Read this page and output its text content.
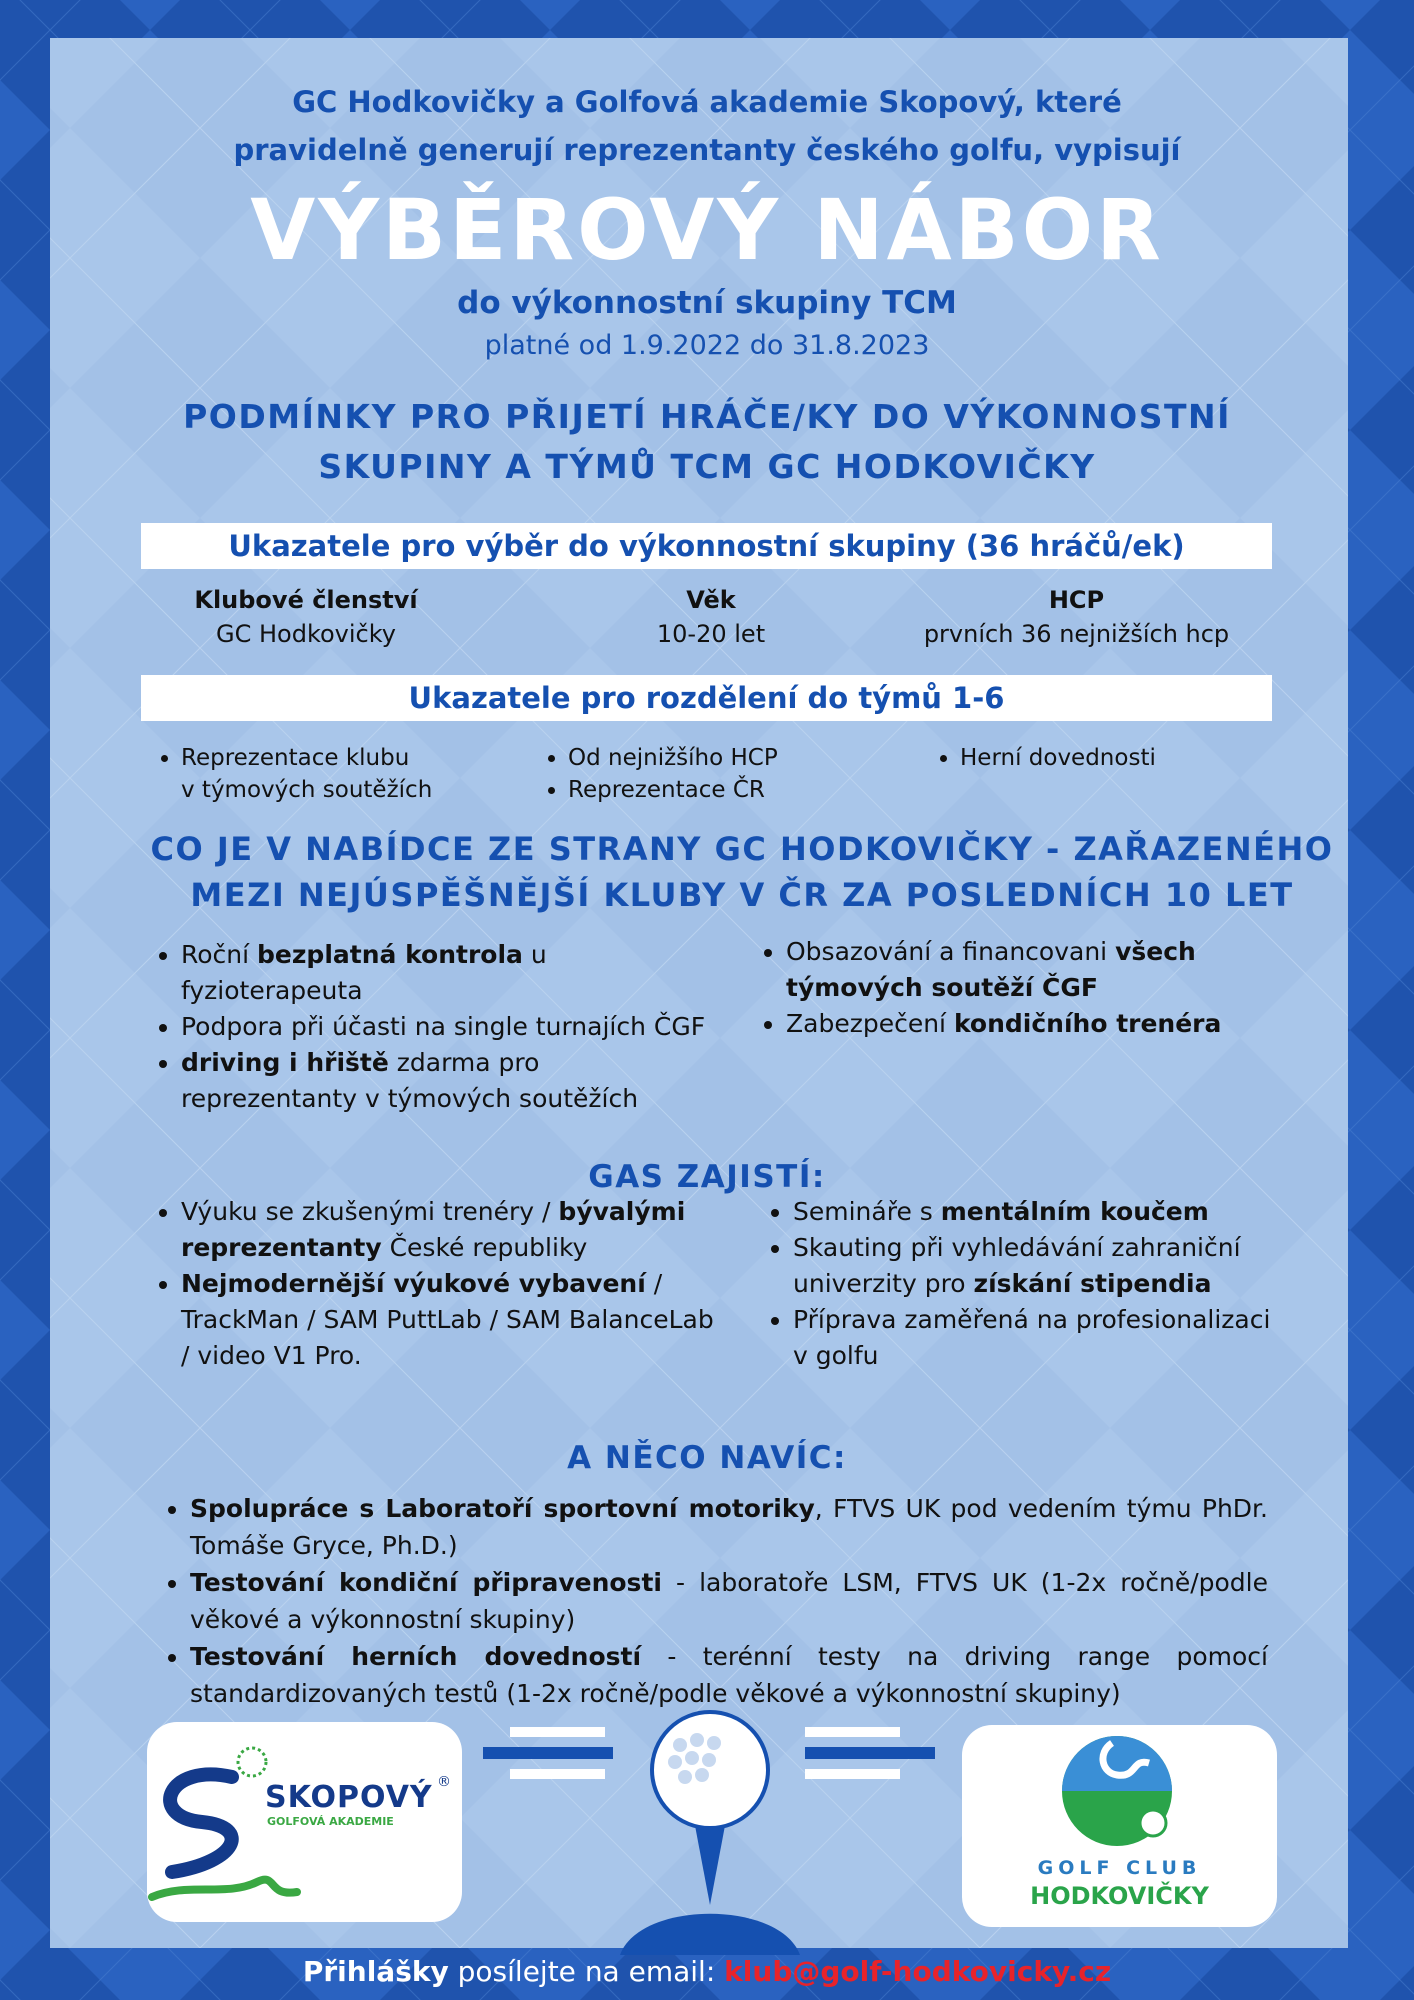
GC Hodkovičky a Golfová akademie Skopový, které
pravidelně generují reprezentanty českého golfu, vypisují
VÝBĚROVÝ NÁBOR
do výkonnostní skupiny TCM
platné od 1.9.2022 do 31.8.2023
PODMÍNKY PRO PŘIJETÍ HRÁČE/KY DO VÝKONNOSTNÍ
SKUPINY A TÝMŮ TCM GC HODKOVIČKY
Ukazatele pro výběr do výkonnostní skupiny (36 hráčů/ek)
Klubové členství
GC Hodkovičky
Věk
10-20 let
HCP
prvních 36 nejnižších hcp
Ukazatele pro rozdělení do týmů 1-6
• Reprezentace klubu
v týmových soutěžích
• Od nejnižšího HCP
• Reprezentace ČR
• Herní dovednosti
CO JE V NABÍDCE ZE STRANY GC HODKOVIČKY - ZAŘAZENÉHO
MEZI NEJÚSPĚŠNĚJŠÍ KLUBY V ČR ZA POSLEDNÍCH 10 LET
• Roční bezplatná kontrola u fyzioterapeuta
• Podpora při účasti na single turnajích ČGF
• driving i hřiště zdarma pro reprezentanty v týmových soutěžích
• Obsazování a financovani všech týmových soutěží ČGF
• Zabezpečení kondičního trenéra
GAS ZAJISTÍ:
• Výuku se zkušenými trenéry / bývalými reprezentanty České republiky
• Nejmodernější výukové vybavení / TrackMan / SAM PuttLab / SAM BalanceLab / video V1 Pro.
• Semináře s mentálním koučem
• Skauting při vyhledávání zahraniční univerzity pro získání stipendia
• Příprava zaměřená na profesionalizaci v golfu
A NĚCO NAVÍC:
• Spolupráce s Laboratoří sportovní motoriky, FTVS UK pod vedením týmu PhDr. Tomáše Gryce, Ph.D.)
• Testování kondiční připravenosti - laboratoře LSM, FTVS UK (1-2x ročně/podle věkové a výkonnostní skupiny)
• Testování herních dovedností - terénní testy na driving range pomocí standardizovaných testů (1-2x ročně/podle věkové a výkonnostní skupiny)
SKOPOVÝ ®
GOLFOVÁ AKADEMIE
GOLF CLUB
HODKOVIČKY
Přihlášky posílejte na email: klub@golf-hodkovicky.cz
